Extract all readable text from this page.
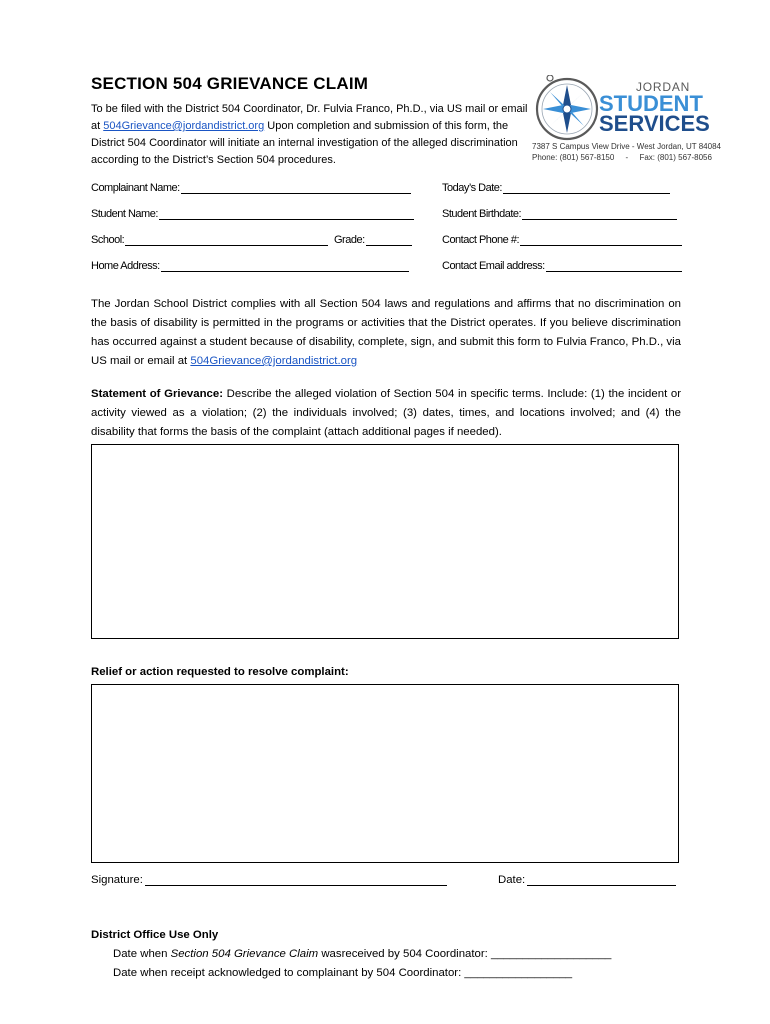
SECTION 504 GRIEVANCE CLAIM

To be filed with the District 504 Coordinator, Dr. Fulvia Franco, Ph.D., via US mail or email at 504Grievance@jordandistrict.org Upon completion and submission of this form, the District 504 Coordinator will initiate an internal investigation of the alleged discrimination according to the District’s Section 504 procedures.

JORDAN
STUDENT
SERVICES
7387 S Campus View Drive - West Jordan, UT 84084
Phone: (801) 567-8150 - Fax: (801) 567-8056
Complainant Name:	Today’s Date:
Student Name:	Student Birthdate:
School:	Grade:	Contact Phone #:
Home Address:	Contact Email address:

The Jordan School District complies with all Section 504 laws and regulations and affirms that no discrimination on the basis of disability is permitted in the programs or activities that the District operates. If you believe discrimination has occurred against a student because of disability, complete, sign, and submit this form to Fulvia Franco, Ph.D., via US mail or email at 504Grievance@jordandistrict.org

Statement of Grievance: Describe the alleged violation of Section 504 in specific terms. Include: (1) the incident or activity viewed as a violation; (2) the individuals involved; (3) dates, times, and locations involved; and (4) the disability that forms the basis of the complaint (attach additional pages if needed).

Relief or action requested to resolve complaint:
Signature:	Date:
District Office Use Only
Date when Section 504 Grievance Claim wasreceived by 504 Coordinator: ___________________
Date when receipt acknowledged to complainant by 504 Coordinator: _________________
